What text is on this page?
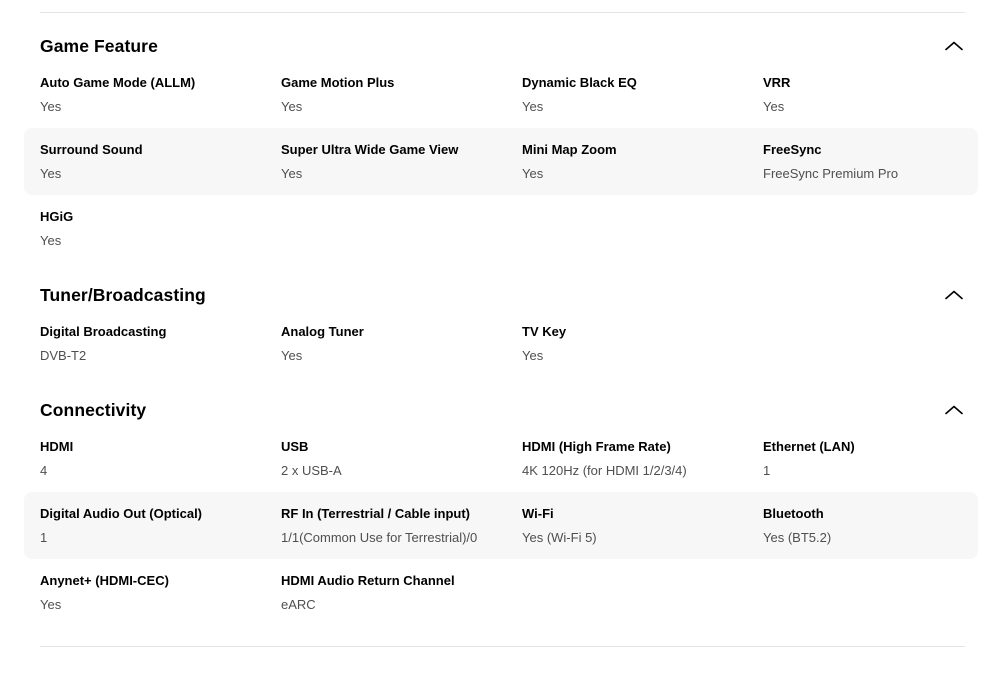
Game Feature
Auto Game Mode (ALLM)
Yes
Game Motion Plus
Yes
Dynamic Black EQ
Yes
VRR
Yes
Surround Sound
Yes
Super Ultra Wide Game View
Yes
Mini Map Zoom
Yes
FreeSync
FreeSync Premium Pro
HGiG
Yes
Tuner/Broadcasting
Digital Broadcasting
DVB-T2
Analog Tuner
Yes
TV Key
Yes
Connectivity
HDMI
4
USB
2 x USB-A
HDMI (High Frame Rate)
4K 120Hz (for HDMI 1/2/3/4)
Ethernet (LAN)
1
Digital Audio Out (Optical)
1
RF In (Terrestrial / Cable input)
1/1(Common Use for Terrestrial)/0
Wi-Fi
Yes (Wi-Fi 5)
Bluetooth
Yes (BT5.2)
Anynet+ (HDMI-CEC)
Yes
HDMI Audio Return Channel
eARC
